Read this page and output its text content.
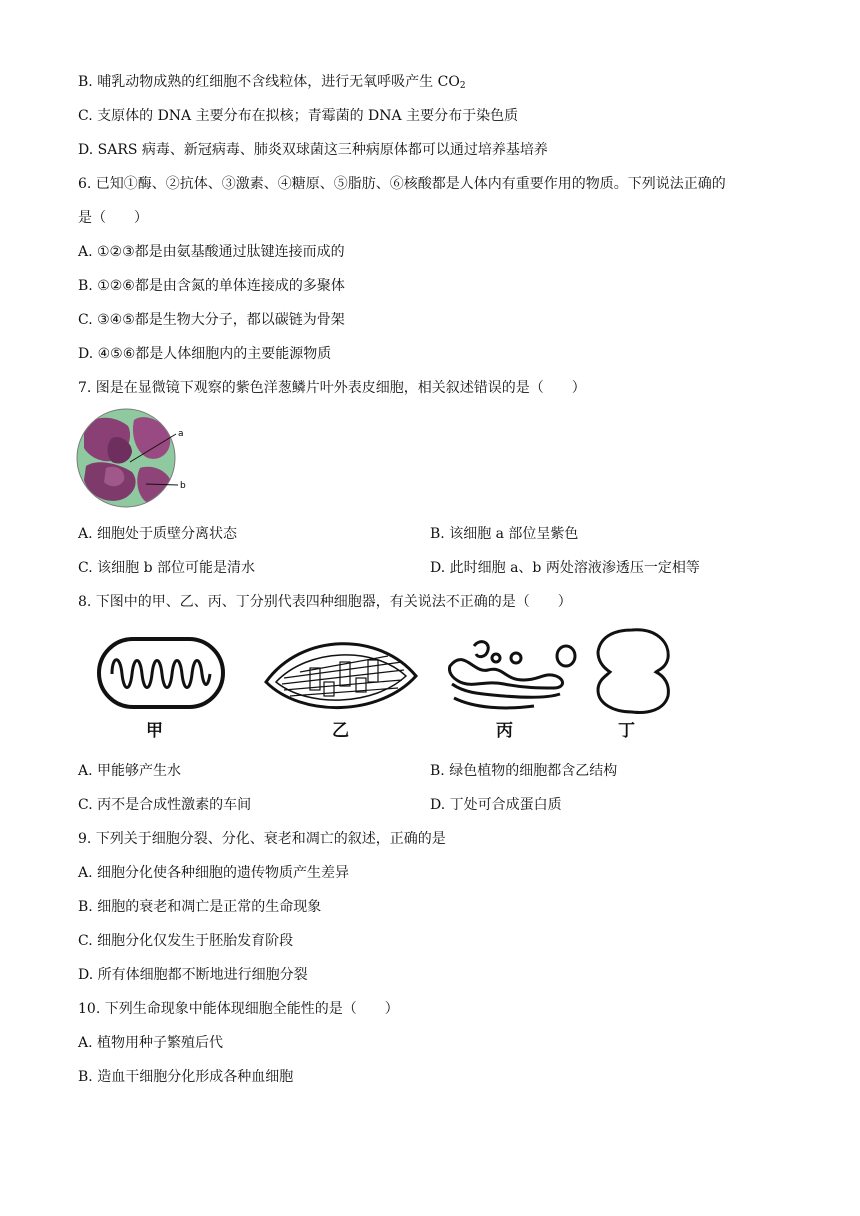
B. 哺乳动物成熟的红细胞不含线粒体，进行无氧呼吸产生 $CO_2$
C. 支原体的 DNA 主要分布在拟核；青霉菌的 DNA 主要分布于染色质
D. SARS 病毒、新冠病毒、肺炎双球菌这三种病原体都可以通过培养基培养
6. 已知①酶、②抗体、③激素、④糖原、⑤脂肪、⑥核酸都是人体内有重要作用的物质。下列说法正确的
是（　　）
A. ①②③都是由氨基酸通过肽键连接而成的
B. ①②⑥都是由含氮的单体连接成的多聚体
C. ③④⑤都是生物大分子，都以碳链为骨架
D. ④⑤⑥都是人体细胞内的主要能源物质
7. 图是在显微镜下观察的紫色洋葱鳞片叶外表皮细胞，相关叙述错误的是（　　）
a
b
A. 细胞处于质壁分离状态	B. 该细胞 a 部位呈紫色
C. 该细胞 b 部位可能是清水	D. 此时细胞 a、b 两处溶液渗透压一定相等
8. 下图中的甲、乙、丙、丁分别代表四种细胞器，有关说法不正确的是（　　）
甲	乙	丙	丁
A. 甲能够产生水	B. 绿色植物的细胞都含乙结构
C. 丙不是合成性激素的车间	D. 丁处可合成蛋白质
9. 下列关于细胞分裂、分化、衰老和凋亡的叙述，正确的是
A. 细胞分化使各种细胞的遗传物质产生差异
B. 细胞的衰老和凋亡是正常的生命现象
C. 细胞分化仅发生于胚胎发育阶段
D. 所有体细胞都不断地进行细胞分裂
10. 下列生命现象中能体现细胞全能性的是（　　）
A. 植物用种子繁殖后代
B. 造血干细胞分化形成各种血细胞
